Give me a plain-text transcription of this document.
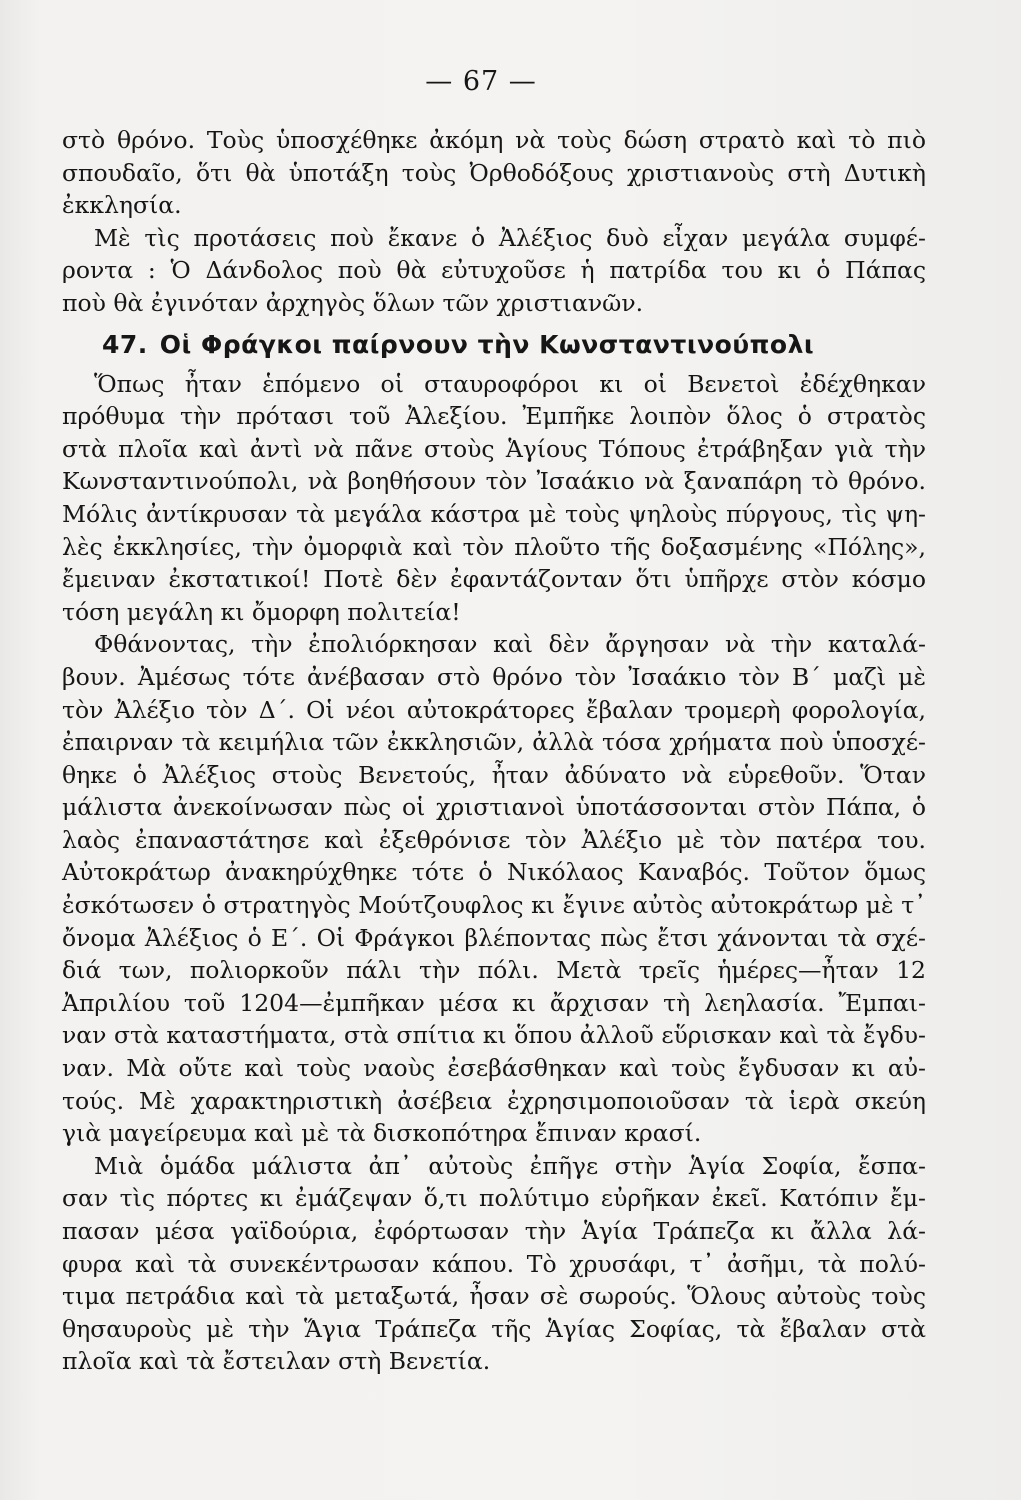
— 67 —

στὸ θρόνο. Τοὺς ὑποσχέθηκε ἀκόμη νὰ τοὺς δώση στρατὸ καὶ τὸ πιὸ

σπουδαῖο, ὅτι θὰ ὑποτάξη τοὺς Ὀρθοδόξους χριστιανοὺς στὴ Δυτικὴ

ἐκκλησία.

Μὲ τὶς προτάσεις ποὺ ἔκανε ὁ Ἀλέξιος δυὸ εἶχαν μεγάλα συμφέ-

ροντα : Ὁ Δάνδολος ποὺ θὰ εὐτυχοῦσε ἡ πατρίδα του κι ὁ Πάπας

ποὺ θὰ ἐγινόταν ἀρχηγὸς ὅλων τῶν χριστιανῶν.

47. Οἱ Φράγκοι παίρνουν τὴν Κωνσταντινούπολι

Ὅπως ἦταν ἑπόμενο οἱ σταυροφόροι κι οἱ Βενετοὶ ἐδέχθηκαν

πρόθυμα τὴν πρότασι τοῦ Ἀλεξίου. Ἐμπῆκε λοιπὸν ὅλος ὁ στρατὸς

στὰ πλοῖα καὶ ἀντὶ νὰ πᾶνε στοὺς Ἁγίους Τόπους ἐτράβηξαν γιὰ τὴν

Κωνσταντινούπολι, νὰ βοηθήσουν τὸν Ἰσαάκιο νὰ ξαναπάρη τὸ θρόνο.

Μόλις ἀντίκρυσαν τὰ μεγάλα κάστρα μὲ τοὺς ψηλοὺς πύργους, τὶς ψη-

λὲς ἐκκλησίες, τὴν ὀμορφιὰ καὶ τὸν πλοῦτο τῆς δοξασμένης «Πόλης»,

ἔμειναν ἐκστατικοί! Ποτὲ δὲν ἐφαντάζονταν ὅτι ὑπῆρχε στὸν κόσμο

τόση μεγάλη κι ὄμορφη πολιτεία!

Φθάνοντας, τὴν ἐπολιόρκησαν καὶ δὲν ἄργησαν νὰ τὴν καταλά-

βουν. Ἀμέσως τότε ἀνέβασαν στὸ θρόνο τὸν Ἰσαάκιο τὸν Β΄ μαζὶ μὲ

τὸν Ἀλέξιο τὸν Δ΄. Οἱ νέοι αὐτοκράτορες ἔβαλαν τρομερὴ φορολογία,

ἐπαιρναν τὰ κειμήλια τῶν ἐκκλησιῶν, ἀλλὰ τόσα χρήματα ποὺ ὑποσχέ-

θηκε ὁ Ἀλέξιος στοὺς Βενετούς, ἦταν ἀδύνατο νὰ εὑρεθοῦν. Ὅταν

μάλιστα ἀνεκοίνωσαν πὼς οἱ χριστιανοὶ ὑποτάσσονται στὸν Πάπα, ὁ

λαὸς ἐπαναστάτησε καὶ ἐξεθρόνισε τὸν Ἀλέξιο μὲ τὸν πατέρα του.

Αὐτοκράτωρ ἀνακηρύχθηκε τότε ὁ Νικόλαος Καναβός. Τοῦτον ὅμως

ἐσκότωσεν ὁ στρατηγὸς Μούτζουφλος κι ἔγινε αὐτὸς αὐτοκράτωρ μὲ τ᾽

ὄνομα Ἀλέξιος ὁ Ε΄. Οἱ Φράγκοι βλέποντας πὼς ἔτσι χάνονται τὰ σχέ-

διά των, πολιορκοῦν πάλι τὴν πόλι. Μετὰ τρεῖς ἡμέρες—ἦταν 12

Ἀπριλίου τοῦ 1204—ἐμπῆκαν μέσα κι ἄρχισαν τὴ λεηλασία. Ἔμπαι-

ναν στὰ καταστήματα, στὰ σπίτια κι ὅπου ἀλλοῦ εὕρισκαν καὶ τὰ ἔγδυ-

ναν. Μὰ οὔτε καὶ τοὺς ναοὺς ἐσεβάσθηκαν καὶ τοὺς ἔγδυσαν κι αὐ-

τούς. Μὲ χαρακτηριστικὴ ἀσέβεια ἐχρησιμοποιοῦσαν τὰ ἱερὰ σκεύη

γιὰ μαγείρευμα καὶ μὲ τὰ δισκοπότηρα ἔπιναν κρασί.

Μιὰ ὁμάδα μάλιστα ἀπ᾽ αὐτοὺς ἐπῆγε στὴν Ἁγία Σοφία, ἔσπα-

σαν τὶς πόρτες κι ἐμάζεψαν ὅ,τι πολύτιμο εὐρῆκαν ἐκεῖ. Κατόπιν ἔμ-

πασαν μέσα γαϊδούρια, ἐφόρτωσαν τὴν Ἁγία Τράπεζα κι ἄλλα λά-

φυρα καὶ τὰ συνεκέντρωσαν κάπου. Τὸ χρυσάφι, τ᾽ ἀσῆμι, τὰ πολύ-

τιμα πετράδια καὶ τὰ μεταξωτά, ἦσαν σὲ σωρούς. Ὅλους αὐτοὺς τοὺς

θησαυροὺς μὲ τὴν Ἅγια Τράπεζα τῆς Ἁγίας Σοφίας, τὰ ἔβαλαν στὰ

πλοῖα καὶ τὰ ἔστειλαν στὴ Βενετία.
